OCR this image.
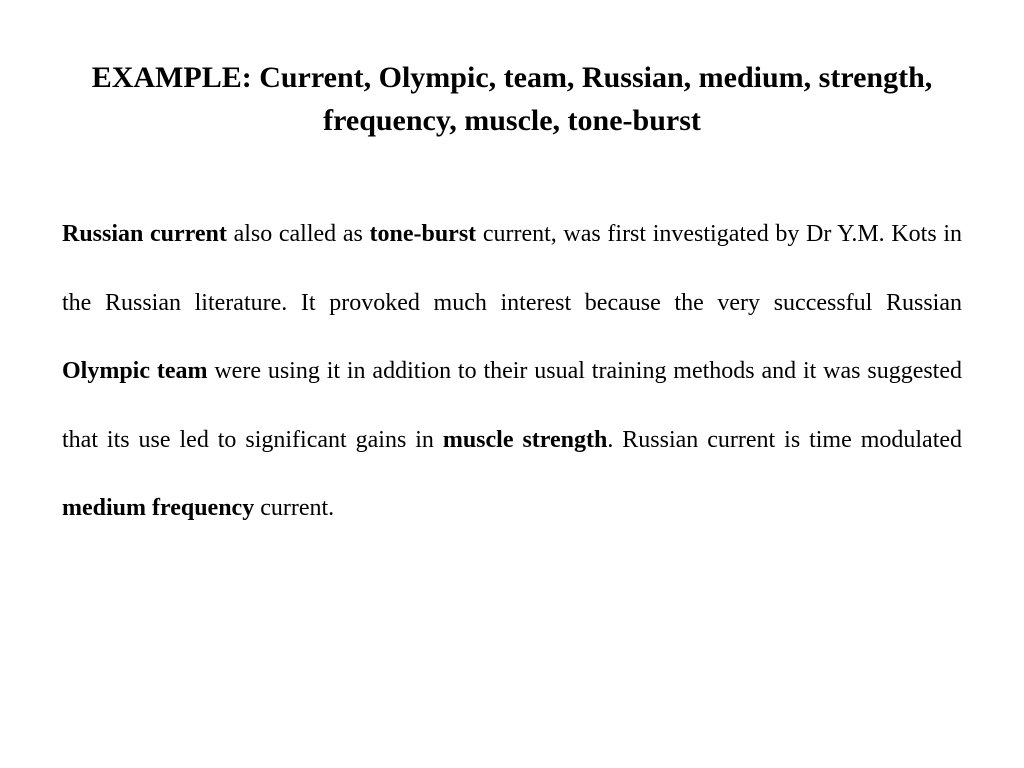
EXAMPLE: Current, Olympic, team, Russian, medium, strength, frequency, muscle, tone-burst

Russian current also called as tone-burst current, was first investigated by Dr Y.M. Kots in the Russian literature. It provoked much interest because the very successful Russian Olympic team were using it in addition to their usual training methods and it was suggested that its use led to significant gains in muscle strength. Russian current is time modulated medium frequency current.
